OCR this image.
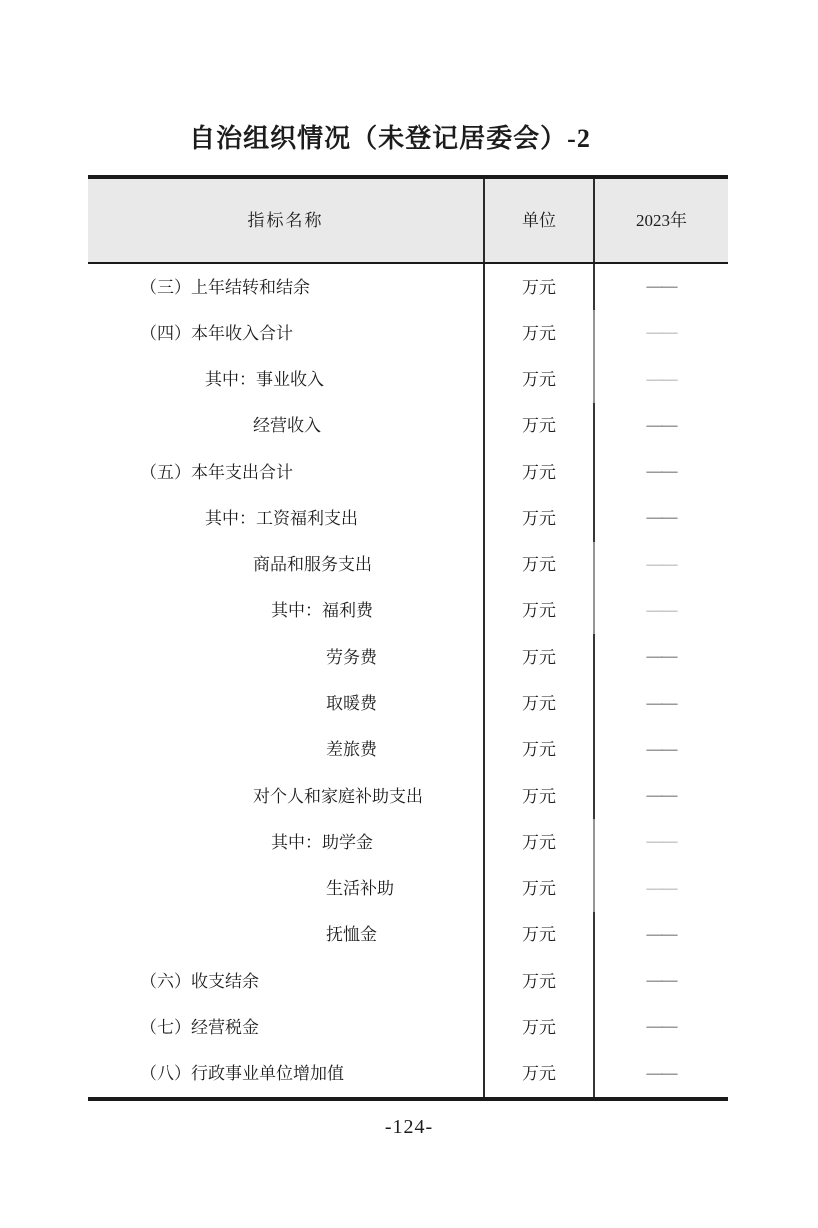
自治组织情况（未登记居委会）-2
指标名称	单位	2023年
（三）上年结转和结余	万元	——
（四）本年收入合计	万元	——
其中：事业收入	万元	——
经营收入	万元	——
（五）本年支出合计	万元	——
其中：工资福利支出	万元	——
商品和服务支出	万元	——
其中：福利费	万元	——
劳务费	万元	——
取暖费	万元	——
差旅费	万元	——
对个人和家庭补助支出	万元	——
其中：助学金	万元	——
生活补助	万元	——
抚恤金	万元	——
（六）收支结余	万元	——
（七）经营税金	万元	——
（八）行政事业单位增加值	万元	——
-124-
